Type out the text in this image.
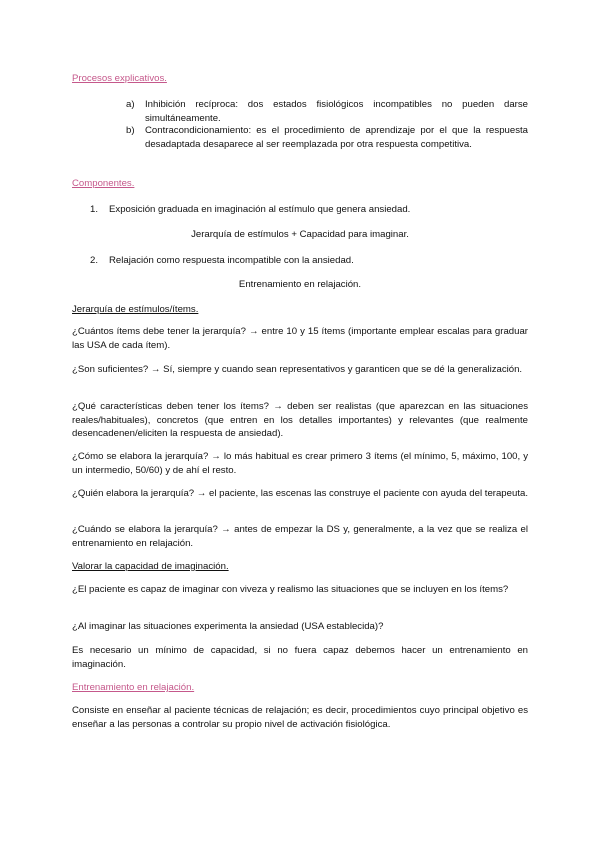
Procesos explicativos.

a) Inhibición recíproca: dos estados fisiológicos incompatibles no pueden darse simultáneamente.

b) Contracondicionamiento: es el procedimiento de aprendizaje por el que la respuesta desadaptada desaparece al ser reemplazada por otra respuesta competitiva.

Componentes.

1. Exposición graduada en imaginación al estímulo que genera ansiedad.

Jerarquía de estímulos + Capacidad para imaginar.

2. Relajación como respuesta incompatible con la ansiedad.

Entrenamiento en relajación.

Jerarquía de estímulos/ítems.

¿Cuántos ítems debe tener la jerarquía? → entre 10 y 15 ítems (importante emplear escalas para graduar las USA de cada ítem).

¿Son suficientes? → Sí, siempre y cuando sean representativos y garanticen que se dé la generalización.

¿Qué características deben tener los ítems? → deben ser realistas (que aparezcan en las situaciones reales/habituales), concretos (que entren en los detalles importantes) y relevantes (que realmente desencadenen/eliciten la respuesta de ansiedad).

¿Cómo se elabora la jerarquía? → lo más habitual es crear primero 3 ítems (el mínimo, 5, máximo, 100, y un intermedio, 50/60) y de ahí el resto.

¿Quién elabora la jerarquía? → el paciente, las escenas las construye el paciente con ayuda del terapeuta.

¿Cuándo se elabora la jerarquía? → antes de empezar la DS y, generalmente, a la vez que se realiza el entrenamiento en relajación.

Valorar la capacidad de imaginación.

¿El paciente es capaz de imaginar con viveza y realismo las situaciones que se incluyen en los ítems?

¿Al imaginar las situaciones experimenta la ansiedad (USA establecida)?

Es necesario un mínimo de capacidad, si no fuera capaz debemos hacer un entrenamiento en imaginación.

Entrenamiento en relajación.

Consiste en enseñar al paciente técnicas de relajación; es decir, procedimientos cuyo principal objetivo es enseñar a las personas a controlar su propio nivel de activación fisiológica.
